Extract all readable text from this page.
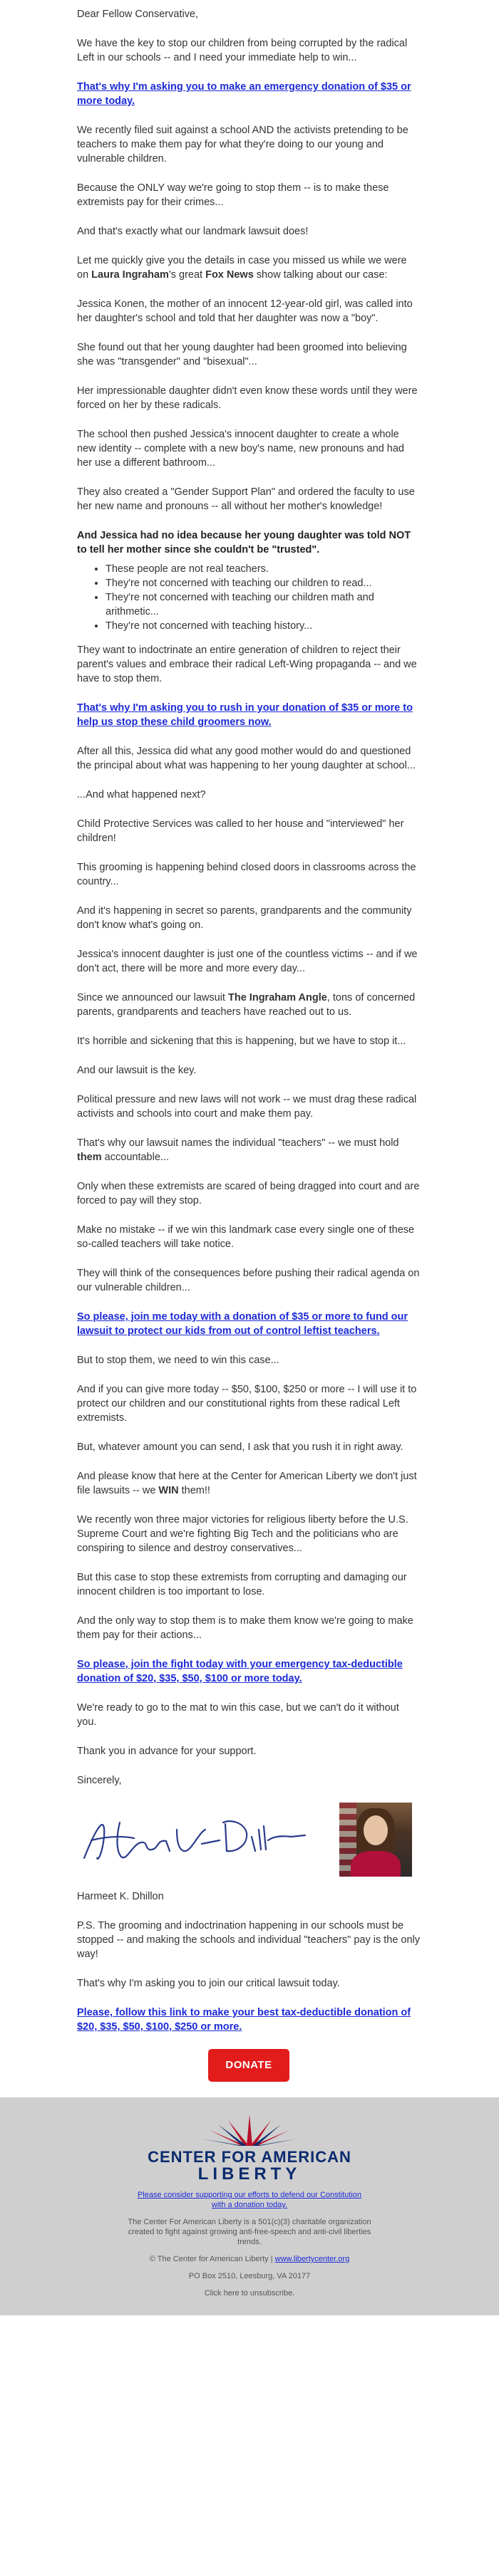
Dear Fellow Conservative,

We have the key to stop our children from being corrupted by the radical Left in our schools -- and I need your immediate help to win...

That's why I'm asking you to make an emergency donation of $35 or more today.

We recently filed suit against a school AND the activists pretending to be teachers to make them pay for what they're doing to our young and vulnerable children.

Because the ONLY way we're going to stop them -- is to make these extremists pay for their crimes...

And that's exactly what our landmark lawsuit does!

Let me quickly give you the details in case you missed us while we were on Laura Ingraham's great Fox News show talking about our case:

Jessica Konen, the mother of an innocent 12-year-old girl, was called into her daughter's school and told that her daughter was now a "boy".

She found out that her young daughter had been groomed into believing she was "transgender" and "bisexual"...

Her impressionable daughter didn't even know these words until they were forced on her by these radicals.

The school then pushed Jessica's innocent daughter to create a whole new identity -- complete with a new boy's name, new pronouns and had her use a different bathroom...

They also created a "Gender Support Plan" and ordered the faculty to use her new name and pronouns -- all without her mother's knowledge!

And Jessica had no idea because her young daughter was told NOT to tell her mother since she couldn't be "trusted".

• These people are not real teachers.
• They're not concerned with teaching our children to read...
• They're not concerned with teaching our children math and arithmetic...
• They're not concerned with teaching history...

They want to indoctrinate an entire generation of children to reject their parent's values and embrace their radical Left-Wing propaganda -- and we have to stop them.

That's why I'm asking you to rush in your donation of $35 or more to help us stop these child groomers now.

After all this, Jessica did what any good mother would do and questioned the principal about what was happening to her young daughter at school...

...And what happened next?

Child Protective Services was called to her house and "interviewed" her children!

This grooming is happening behind closed doors in classrooms across the country...

And it's happening in secret so parents, grandparents and the community don't know what's going on.

Jessica's innocent daughter is just one of the countless victims -- and if we don't act, there will be more and more every day...

Since we announced our lawsuit The Ingraham Angle, tons of concerned parents, grandparents and teachers have reached out to us.

It's horrible and sickening that this is happening, but we have to stop it...

And our lawsuit is the key.

Political pressure and new laws will not work -- we must drag these radical activists and schools into court and make them pay.

That's why our lawsuit names the individual "teachers" -- we must hold them accountable...

Only when these extremists are scared of being dragged into court and are forced to pay will they stop.

Make no mistake -- if we win this landmark case every single one of these so-called teachers will take notice.

They will think of the consequences before pushing their radical agenda on our vulnerable children...

So please, join me today with a donation of $35 or more to fund our lawsuit to protect our kids from out of control leftist teachers.

But to stop them, we need to win this case...

And if you can give more today -- $50, $100, $250 or more -- I will use it to protect our children and our constitutional rights from these radical Left extremists.

But, whatever amount you can send, I ask that you rush it in right away.

And please know that here at the Center for American Liberty we don't just file lawsuits -- we WIN them!!

We recently won three major victories for religious liberty before the U.S. Supreme Court and we're fighting Big Tech and the politicians who are conspiring to silence and destroy conservatives...

But this case to stop these extremists from corrupting and damaging our innocent children is too important to lose.

And the only way to stop them is to make them know we're going to make them pay for their actions...

So please, join the fight today with your emergency tax-deductible donation of $20, $35, $50, $100 or more today.

We're ready to go to the mat to win this case, but we can't do it without you.

Thank you in advance for your support.

Sincerely,

Harmeet K. Dhillon

P.S. The grooming and indoctrination happening in our schools must be stopped -- and making the schools and individual "teachers" pay is the only way!

That's why I'm asking you to join our critical lawsuit today.

Please, follow this link to make your best tax-deductible donation of $20, $35, $50, $100, $250 or more.
DONATE
CENTER FOR AMERICAN
LIBERTY
Please consider supporting our efforts to defend our Constitution with a donation today.
The Center For American Liberty is a 501(c)(3) charitable organization created to fight against growing anti-free-speech and anti-civil liberties trends.
© The Center for American Liberty | www.libertycenter.org
PO Box 2510, Leesburg, VA 20177
Click here to unsubscribe.
